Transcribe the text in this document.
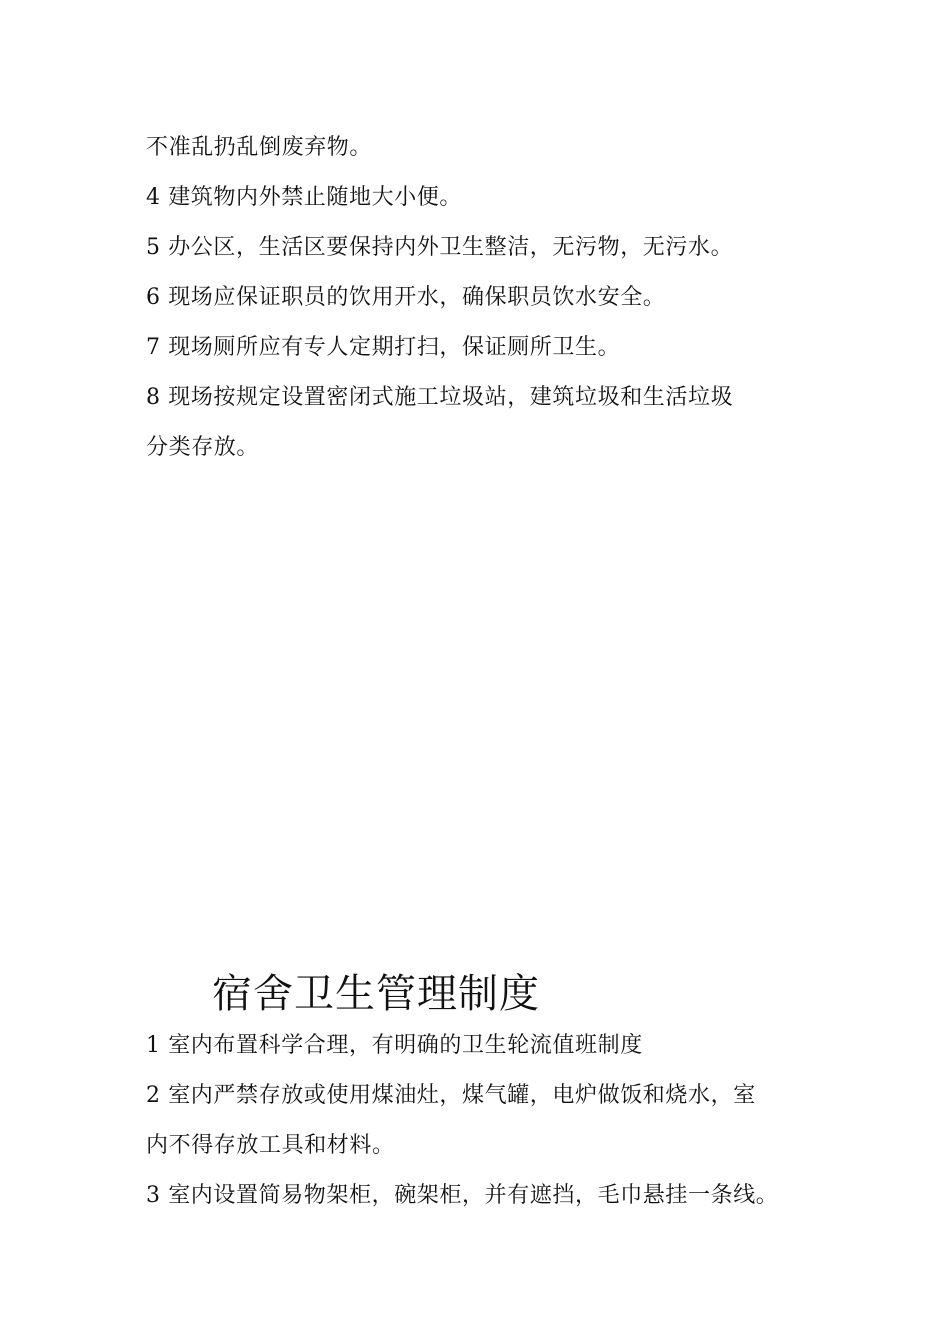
不准乱扔乱倒废弃物。
4 建筑物内外禁止随地大小便。
5 办公区，生活区要保持内外卫生整洁，无污物，无污水。
6 现场应保证职员的饮用开水，确保职员饮水安全。
7 现场厕所应有专人定期打扫，保证厕所卫生。
8 现场按规定设置密闭式施工垃圾站，建筑垃圾和生活垃圾
分类存放。
宿舍卫生管理制度
1 室内布置科学合理，有明确的卫生轮流值班制度
2 室内严禁存放或使用煤油灶，煤气罐，电炉做饭和烧水，室
内不得存放工具和材料。
3 室内设置简易物架柜，碗架柜，并有遮挡，毛巾悬挂一条线。
